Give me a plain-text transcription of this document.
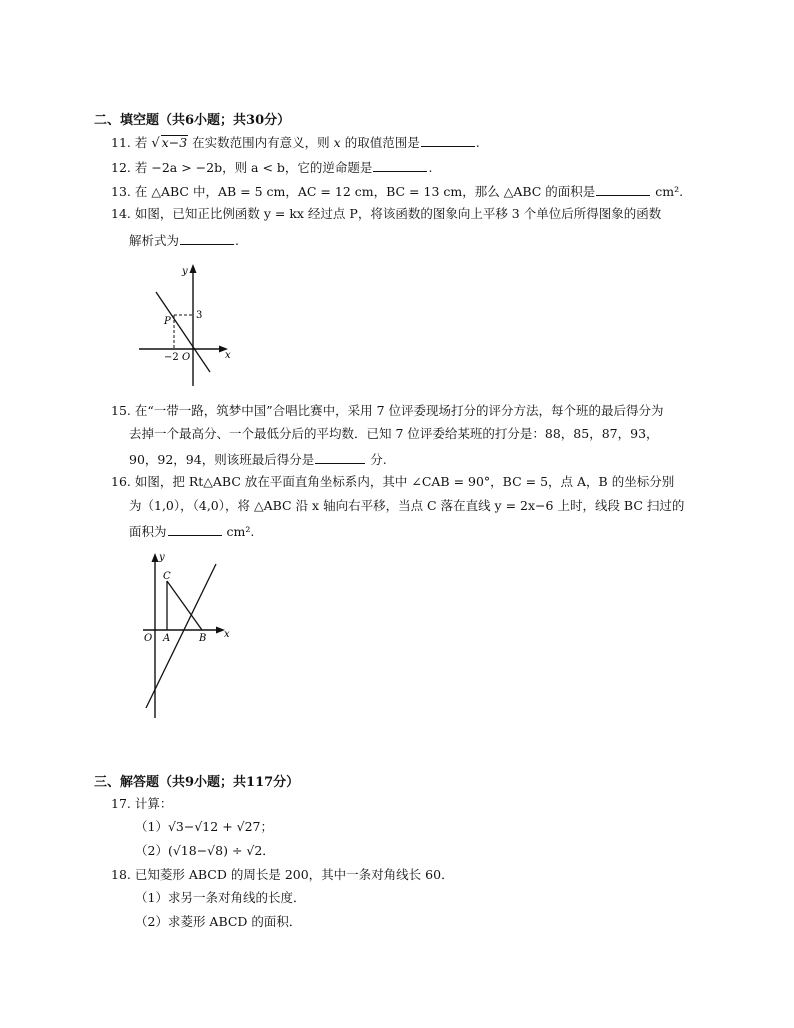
二、填空题（共6小题；共30分）
11. 若 √ x−3 在实数范围内有意义，则 x 的取值范围是	.
12. 若 −2a > −2b，则 a < b，它的逆命题是	.
13. 在 △ABC 中，AB = 5 cm，AC = 12 cm，BC = 13 cm，那么 △ABC 的面积是	cm².
14. 如图，已知正比例函数 y = kx 经过点 P，将该函数的图象向上平移 3 个单位后所得图象的函数
解析式为	.
y
x
P
3
O
−2
15. 在“一带一路，筑梦中国”合唱比赛中，采用 7 位评委现场打分的评分方法，每个班的最后得分为
去掉一个最高分、一个最低分后的平均数．已知 7 位评委给某班的打分是：88，85，87，93，
90，92，94，则该班最后得分是	分.
16. 如图，把 Rt△ABC 放在平面直角坐标系内，其中 ∠CAB = 90°，BC = 5，点 A，B 的坐标分别
为（1,0），（4,0），将 △ABC 沿 x 轴向右平移，当点 C 落在直线 y = 2x−6 上时，线段 BC 扫过的
面积为	cm².
y
x
C
O A	B
三、解答题（共9小题；共117分）
17. 计算：
（1）√3−√12 + √27；
（2）(√18−√8) ÷ √2．
18. 已知菱形 ABCD 的周长是 200，其中一条对角线长 60．
（1）求另一条对角线的长度．
（2）求菱形 ABCD 的面积．
